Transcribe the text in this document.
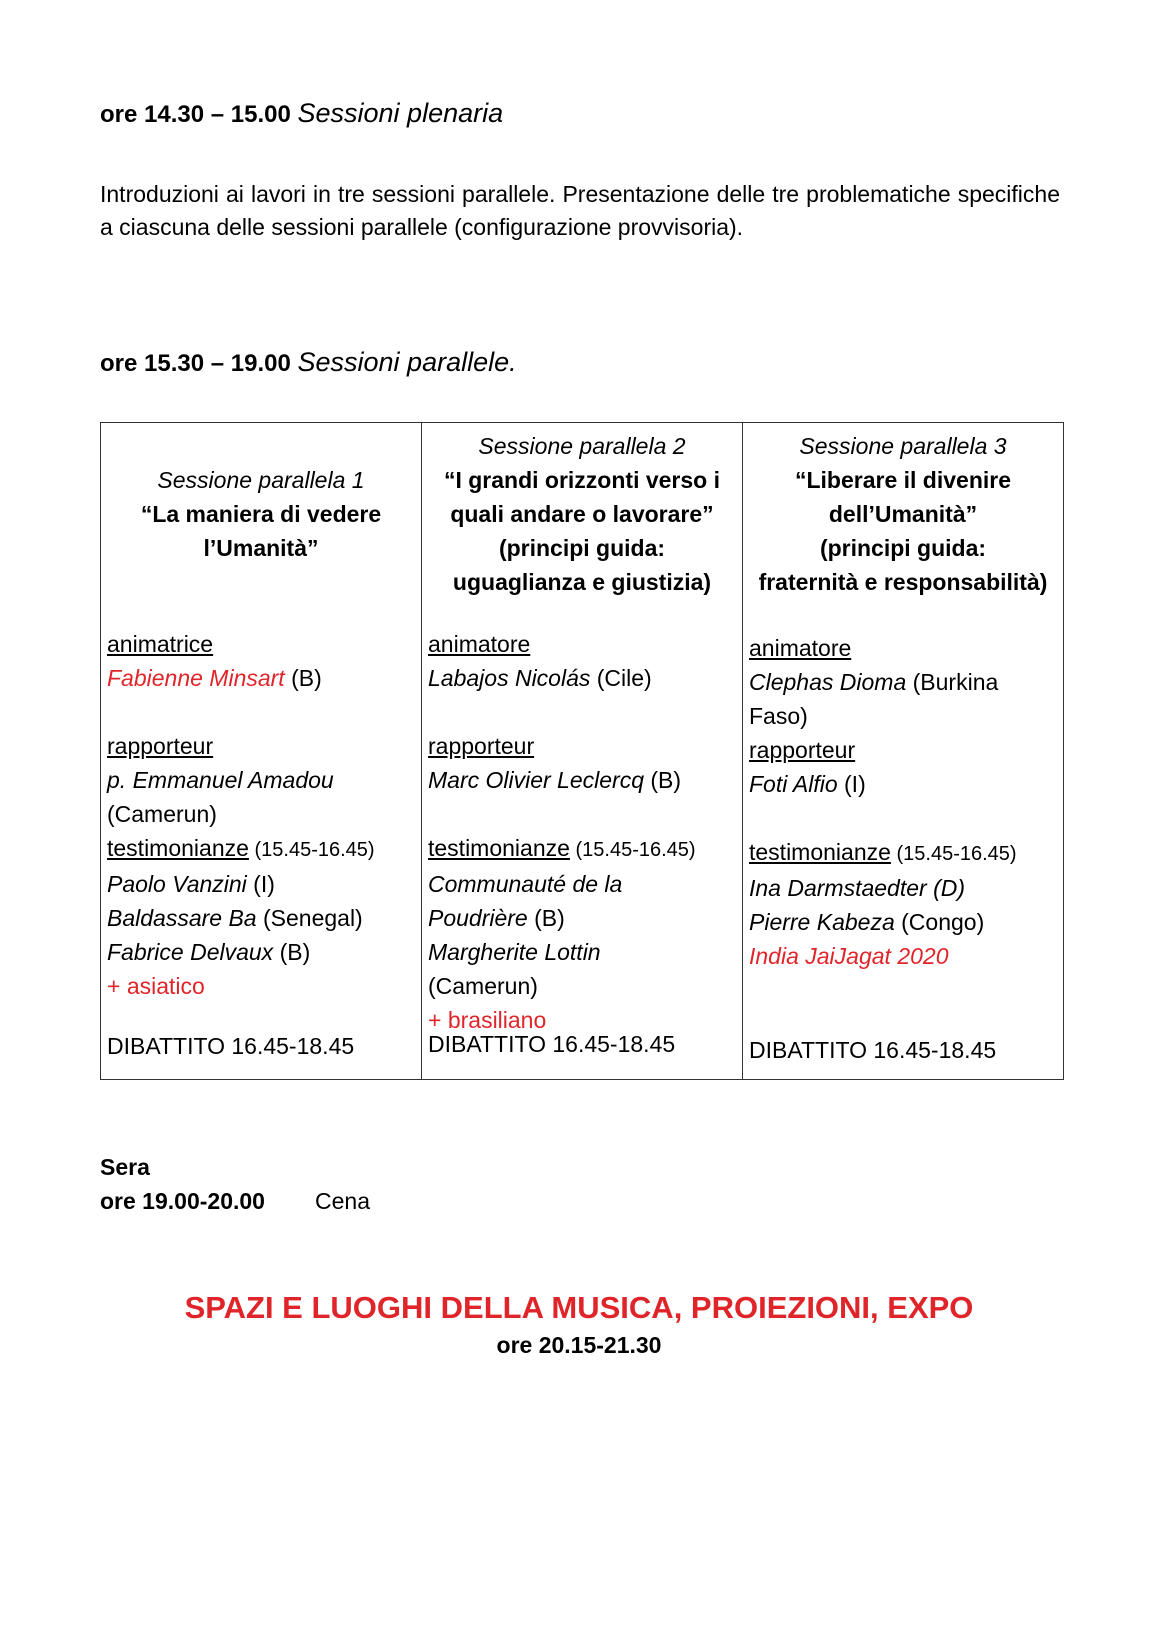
ore 14.30 – 15.00 Sessioni plenaria
Introduzioni ai lavori in tre sessioni parallele. Presentazione delle tre problematiche specifiche a ciascuna delle sessioni parallele (configurazione provvisoria).
ore 15.30 – 19.00 Sessioni parallele.
Sessione parallela 1
“La maniera di vedere
l’Umanità”
animatrice
Fabienne Minsart (B)
rapporteur
p. Emmanuel Amadou
(Camerun)
testimonianze (15.45-16.45)
Paolo Vanzini (I)
Baldassare Ba (Senegal)
Fabrice Delvaux (B)
+ asiatico
DIBATTITO 16.45-18.45

Sessione parallela 2
“I grandi orizzonti verso i
quali andare o lavorare”
(principi guida:
uguaglianza e giustizia)
animatore
Labajos Nicolás (Cile)
rapporteur
Marc Olivier Leclercq (B)
testimonianze (15.45-16.45)
Communauté de la
Poudrière (B)
Margherite Lottin
(Camerun)
+ brasiliano
DIBATTITO 16.45-18.45

Sessione parallela 3
“Liberare il divenire
dell’Umanità”
(principi guida:
fraternità e responsabilità)
animatore
Clephas Dioma (Burkina
Faso)
rapporteur
Foti Alfio (I)
testimonianze (15.45-16.45)
Ina Darmstaedter (D)
Pierre Kabeza (Congo)
India JaiJagat 2020
DIBATTITO 16.45-18.45
Sera
ore 19.00-20.00 Cena
SPAZI E LUOGHI DELLA MUSICA, PROIEZIONI, EXPO
ore 20.15-21.30
